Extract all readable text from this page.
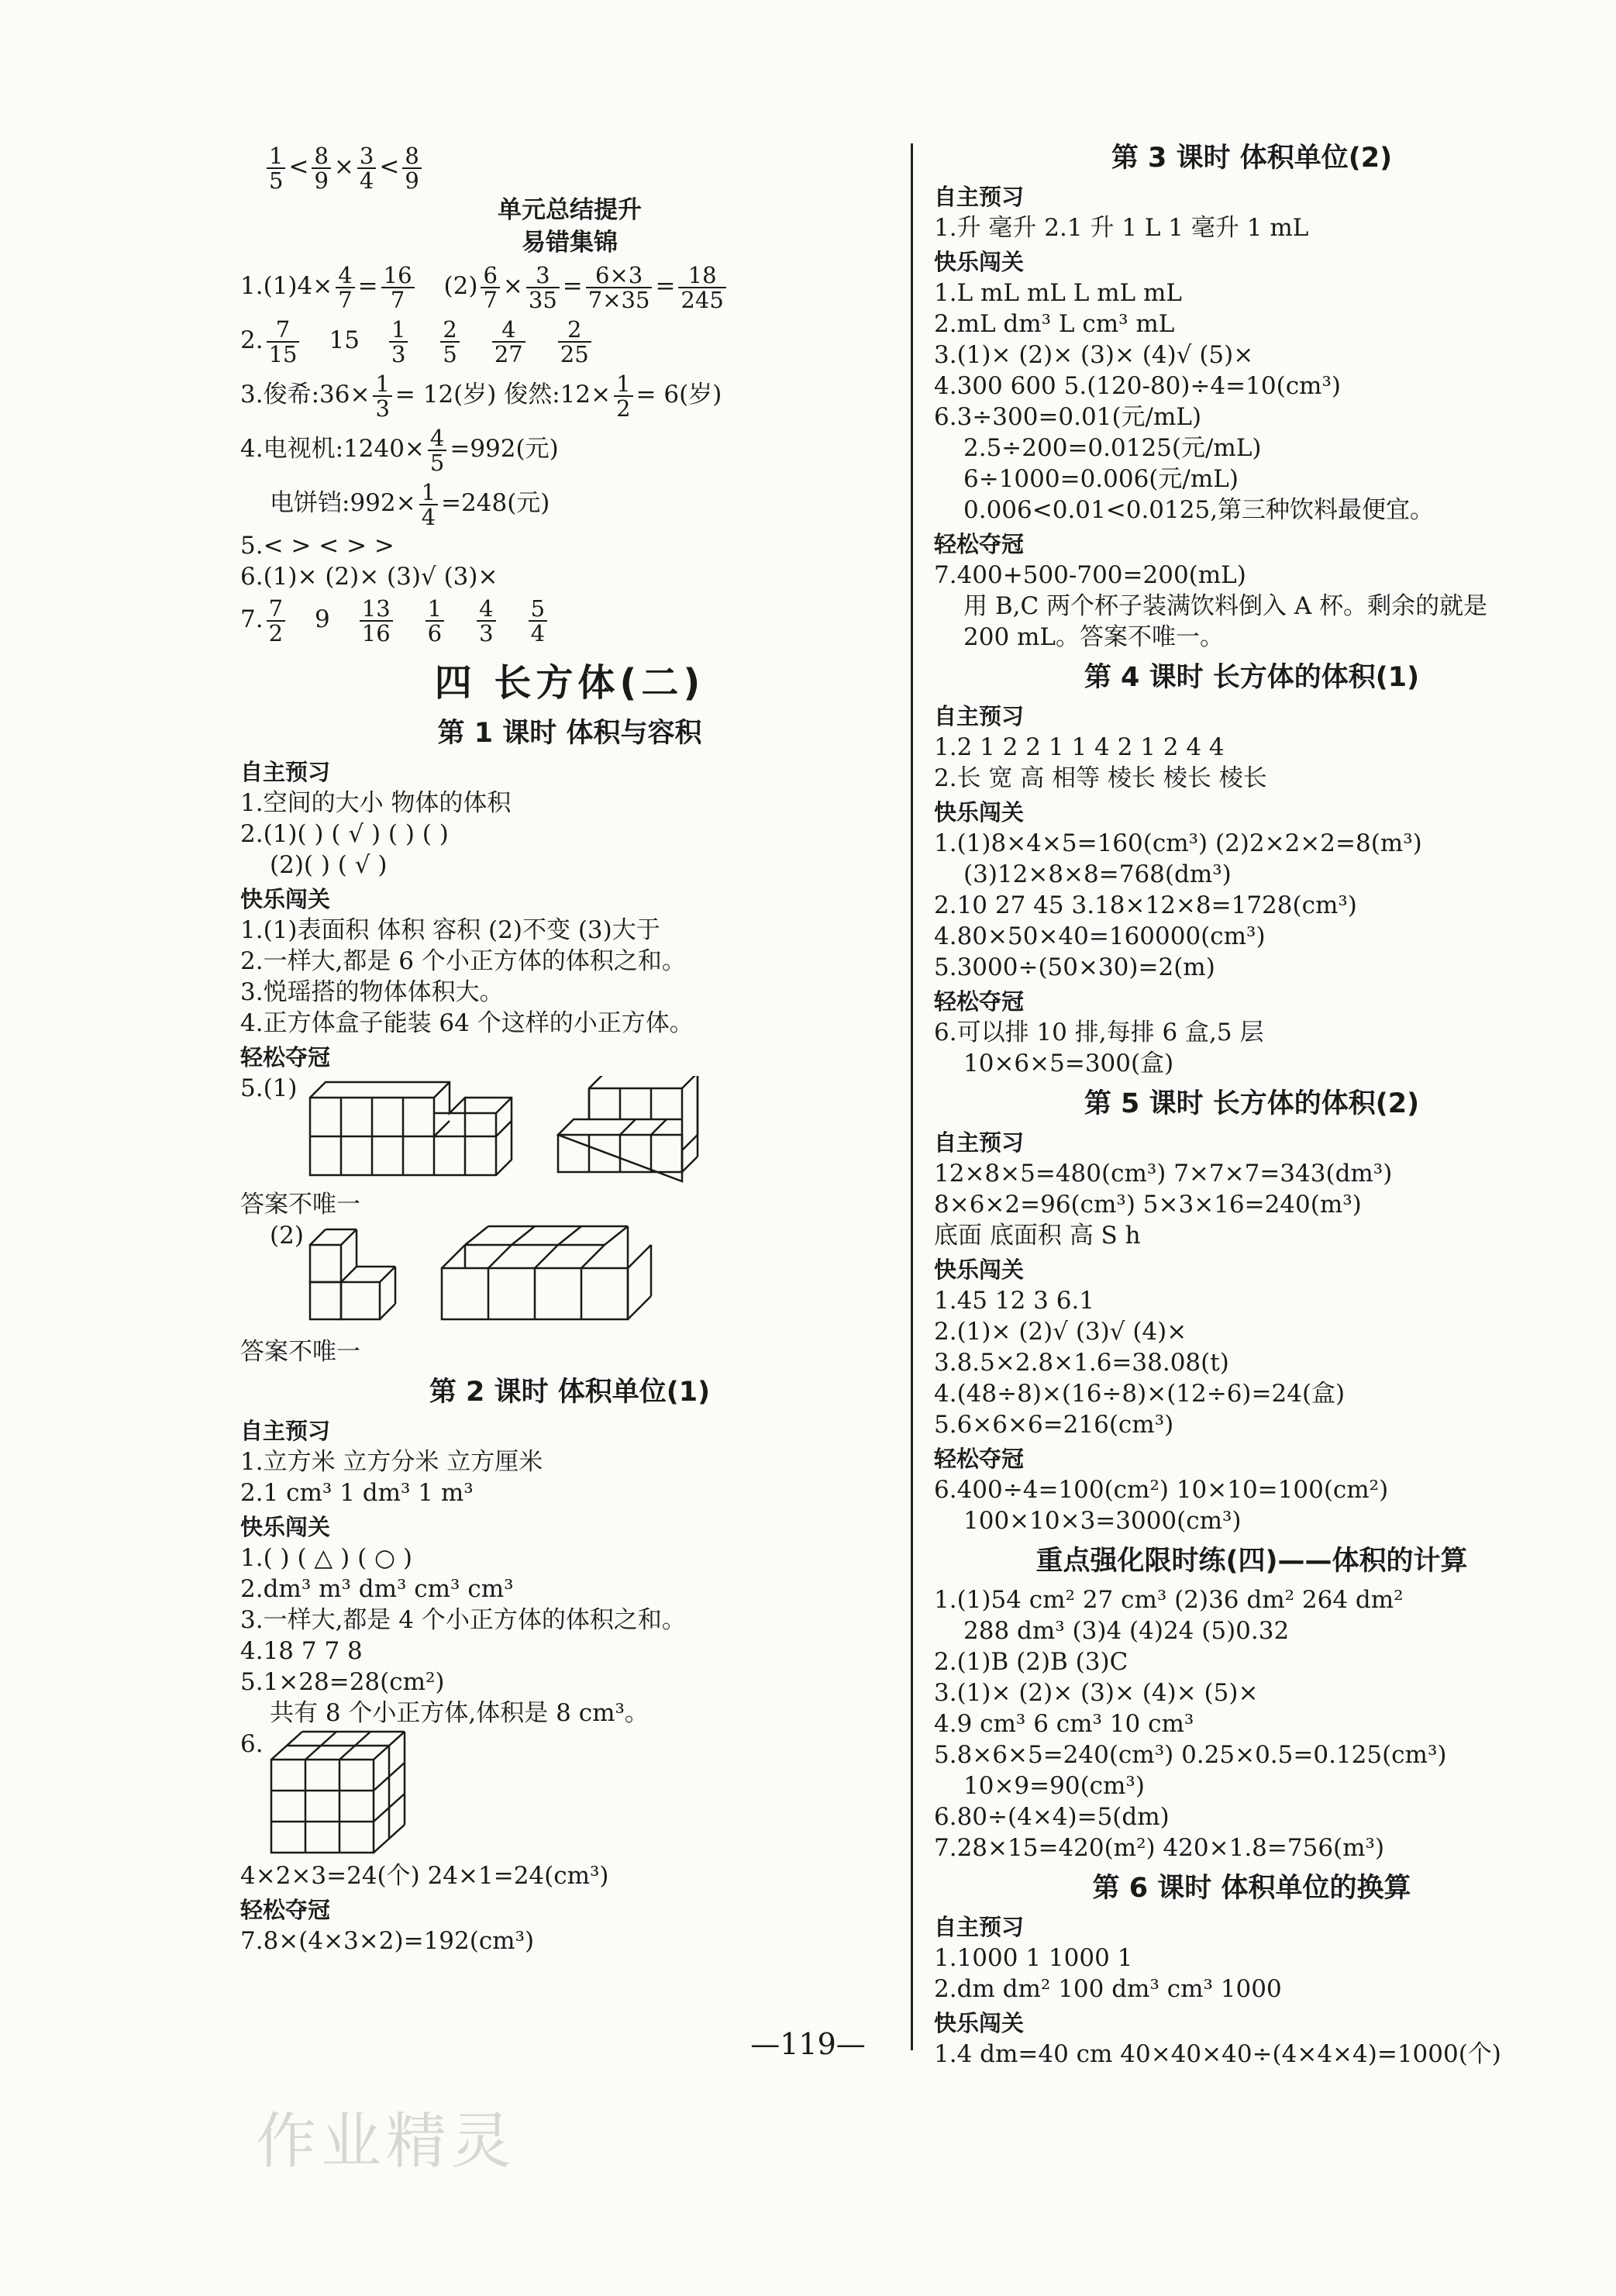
$\frac{1}{5} < \frac{8}{9} \times \frac{3}{4} < \frac{8}{9}$
单元总结提升
易错集锦
$1.(1)4\times \frac{4}{7} = \frac{16}{7} (2) \frac{6}{7} \times \frac{3}{35} = \frac{6\times 3}{7\times 35} = \frac{18}{245}$
2. $\frac{7}{15} 15 \frac{1}{3} \frac{2}{5} \frac{4}{27} \frac{2}{25}$
3.俊希:36× $\frac{1}{3} = 12$(岁) 俊然:12× $\frac{1}{2} = 6$(岁)
4.电视机:1240× $\frac{4}{5} =992$(元)
电饼铛:992× $\frac{1}{4} =248$(元)
5.< > < > >
6.(1)× (2)× (3)√ (3)×
7. $\frac{7}{2} 9 \frac{13}{16} \frac{1}{6} \frac{4}{3} \frac{5}{4}$
四 长方体(二)
第 1 课时 体积与容积
自主预习
1.空间的大小 物体的体积
2.(1)( ) ( √ ) ( ) ( )
(2)( ) ( √ )
快乐闯关
1.(1)表面积 体积 容积 (2)不变 (3)大于
2.一样大,都是 6 个小正方体的体积之和。
3.悦瑶搭的物体体积大。
4.正方体盒子能装 64 个这样的小正方体。
轻松夺冠
5.(1)
答案不唯一
(2)
答案不唯一
第 2 课时 体积单位(1)
自主预习
1.立方米 立方分米 立方厘米
2.1 cm³ 1 dm³ 1 m³
快乐闯关
1.( ) ( △ ) ( ○ )
2.dm³ m³ dm³ cm³ cm³
3.一样大,都是 4 个小正方体的体积之和。
4.18 7 7 8
5.1×28=28(cm²)
共有 8 个小正方体,体积是 8 cm³。
6.
4×2×3=24(个) 24×1=24(cm³)
轻松夺冠
7.8×(4×3×2)=192(cm³)
第 3 课时 体积单位(2)
自主预习
1.升 毫升 2.1 升 1 L 1 毫升 1 mL
快乐闯关
1.L mL mL L mL mL
2.mL dm³ L cm³ mL
3.(1)× (2)× (3)× (4)√ (5)×
4.300 600 5.(120-80)÷4=10(cm³)
6.3÷300=0.01(元/mL)
2.5÷200=0.0125(元/mL)
6÷1000=0.006(元/mL)
0.006<0.01<0.0125,第三种饮料最便宜。
轻松夺冠
7.400+500-700=200(mL)
用 B,C 两个杯子装满饮料倒入 A 杯。剩余的就是
200 mL。答案不唯一。
第 4 课时 长方体的体积(1)
自主预习
1.2 1 2 2 1 1 4 2 1 2 4 4
2.长 宽 高 相等 棱长 棱长 棱长
快乐闯关
1.(1)8×4×5=160(cm³) (2)2×2×2=8(m³)
(3)12×8×8=768(dm³)
2.10 27 45 3.18×12×8=1728(cm³)
4.80×50×40=160000(cm³)
5.3000÷(50×30)=2(m)
轻松夺冠
6.可以排 10 排,每排 6 盒,5 层
10×6×5=300(盒)
第 5 课时 长方体的体积(2)
自主预习
12×8×5=480(cm³) 7×7×7=343(dm³)
8×6×2=96(cm³) 5×3×16=240(m³)
底面 底面积 高 S h
快乐闯关
1.45 12 3 6.1
2.(1)× (2)√ (3)√ (4)×
3.8.5×2.8×1.6=38.08(t)
4.(48÷8)×(16÷8)×(12÷6)=24(盒)
5.6×6×6=216(cm³)
轻松夺冠
6.400÷4=100(cm²) 10×10=100(cm²)
100×10×3=3000(cm³)
重点强化限时练(四)——体积的计算
1.(1)54 cm² 27 cm³ (2)36 dm² 264 dm²
288 dm³ (3)4 (4)24 (5)0.32
2.(1)B (2)B (3)C
3.(1)× (2)× (3)× (4)× (5)×
4.9 cm³ 6 cm³ 10 cm³
5.8×6×5=240(cm³) 0.25×0.5=0.125(cm³)
10×9=90(cm³)
6.80÷(4×4)=5(dm)
7.28×15=420(m²) 420×1.8=756(m³)
第 6 课时 体积单位的换算
自主预习
1.1000 1 1000 1
2.dm dm² 100 dm³ cm³ 1000
快乐闯关
1.4 dm=40 cm 40×40×40÷(4×4×4)=1000(个)
—119—
作业精灵
